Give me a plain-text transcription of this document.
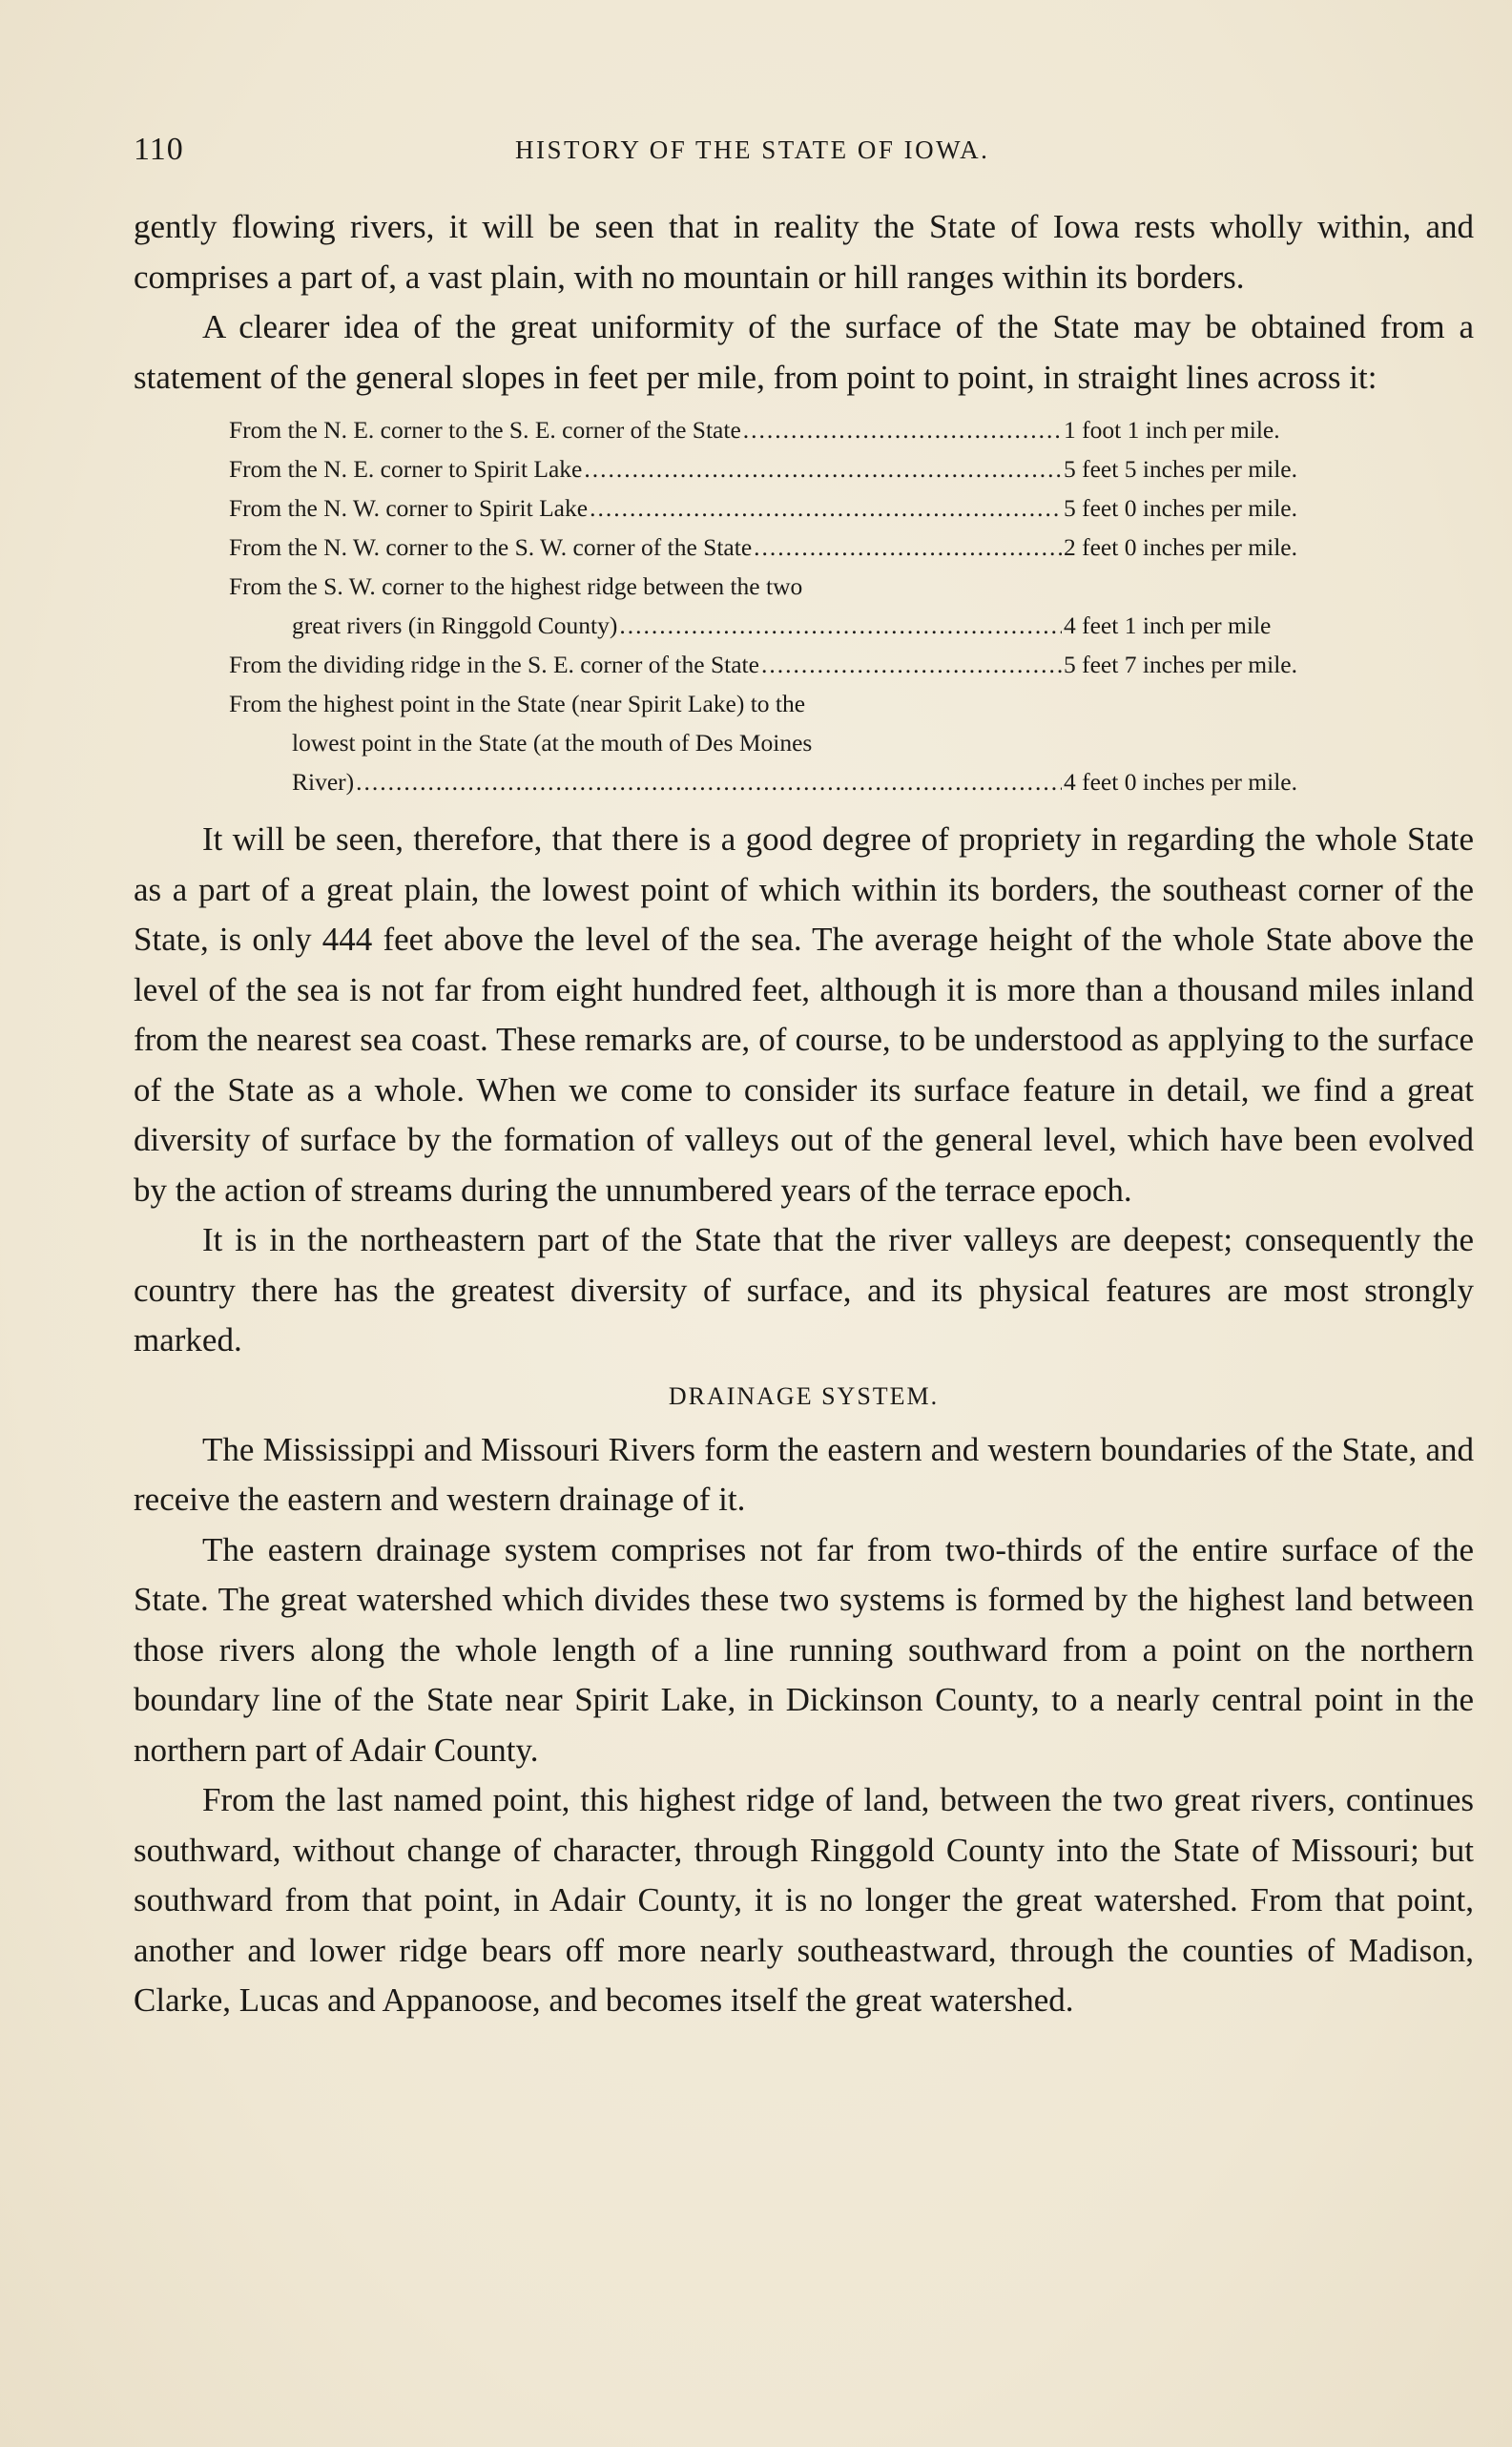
110	HISTORY OF THE STATE OF IOWA.

gently flowing rivers, it will be seen that in reality the State of Iowa rests wholly within, and comprises a part of, a vast plain, with no mountain or hill ranges within its borders.

A clearer idea of the great uniformity of the surface of the State may be obtained from a statement of the general slopes in feet per mile, from point to point, in straight lines across it:

From the N. E. corner to the S. E. corner of the State .....	1 foot 1 inch per mile.
From the N. E. corner to Spirit Lake .....	5 feet 5 inches per mile.
From the N. W. corner to Spirit Lake .....	5 feet 0 inches per mile.
From the N. W. corner to the S. W. corner of the State .....	2 feet 0 inches per mile.
From the S. W. corner to the highest ridge between the two
great rivers (in Ringgold County) .....	4 feet 1 inch per mile
From the dividing ridge in the S. E. corner of the State .....	5 feet 7 inches per mile.
From the highest point in the State (near Spirit Lake) to the
lowest point in the State (at the mouth of Des Moines
River) .....	4 feet 0 inches per mile.

It will be seen, therefore, that there is a good degree of propriety in regarding the whole State as a part of a great plain, the lowest point of which within its borders, the southeast corner of the State, is only 444 feet above the level of the sea. The average height of the whole State above the level of the sea is not far from eight hundred feet, although it is more than a thousand miles inland from the nearest sea coast. These remarks are, of course, to be understood as applying to the surface of the State as a whole. When we come to consider its surface feature in detail, we find a great diversity of surface by the formation of valleys out of the general level, which have been evolved by the action of streams during the unnumbered years of the terrace epoch.

It is in the northeastern part of the State that the river valleys are deepest; consequently the country there has the greatest diversity of surface, and its physical features are most strongly marked.

DRAINAGE SYSTEM.

The Mississippi and Missouri Rivers form the eastern and western boundaries of the State, and receive the eastern and western drainage of it.

The eastern drainage system comprises not far from two-thirds of the entire surface of the State. The great watershed which divides these two systems is formed by the highest land between those rivers along the whole length of a line running southward from a point on the northern boundary line of the State near Spirit Lake, in Dickinson County, to a nearly central point in the northern part of Adair County.

From the last named point, this highest ridge of land, between the two great rivers, continues southward, without change of character, through Ringgold County into the State of Missouri; but southward from that point, in Adair County, it is no longer the great watershed. From that point, another and lower ridge bears off more nearly southeastward, through the counties of Madison, Clarke, Lucas and Appanoose, and becomes itself the great watershed.
